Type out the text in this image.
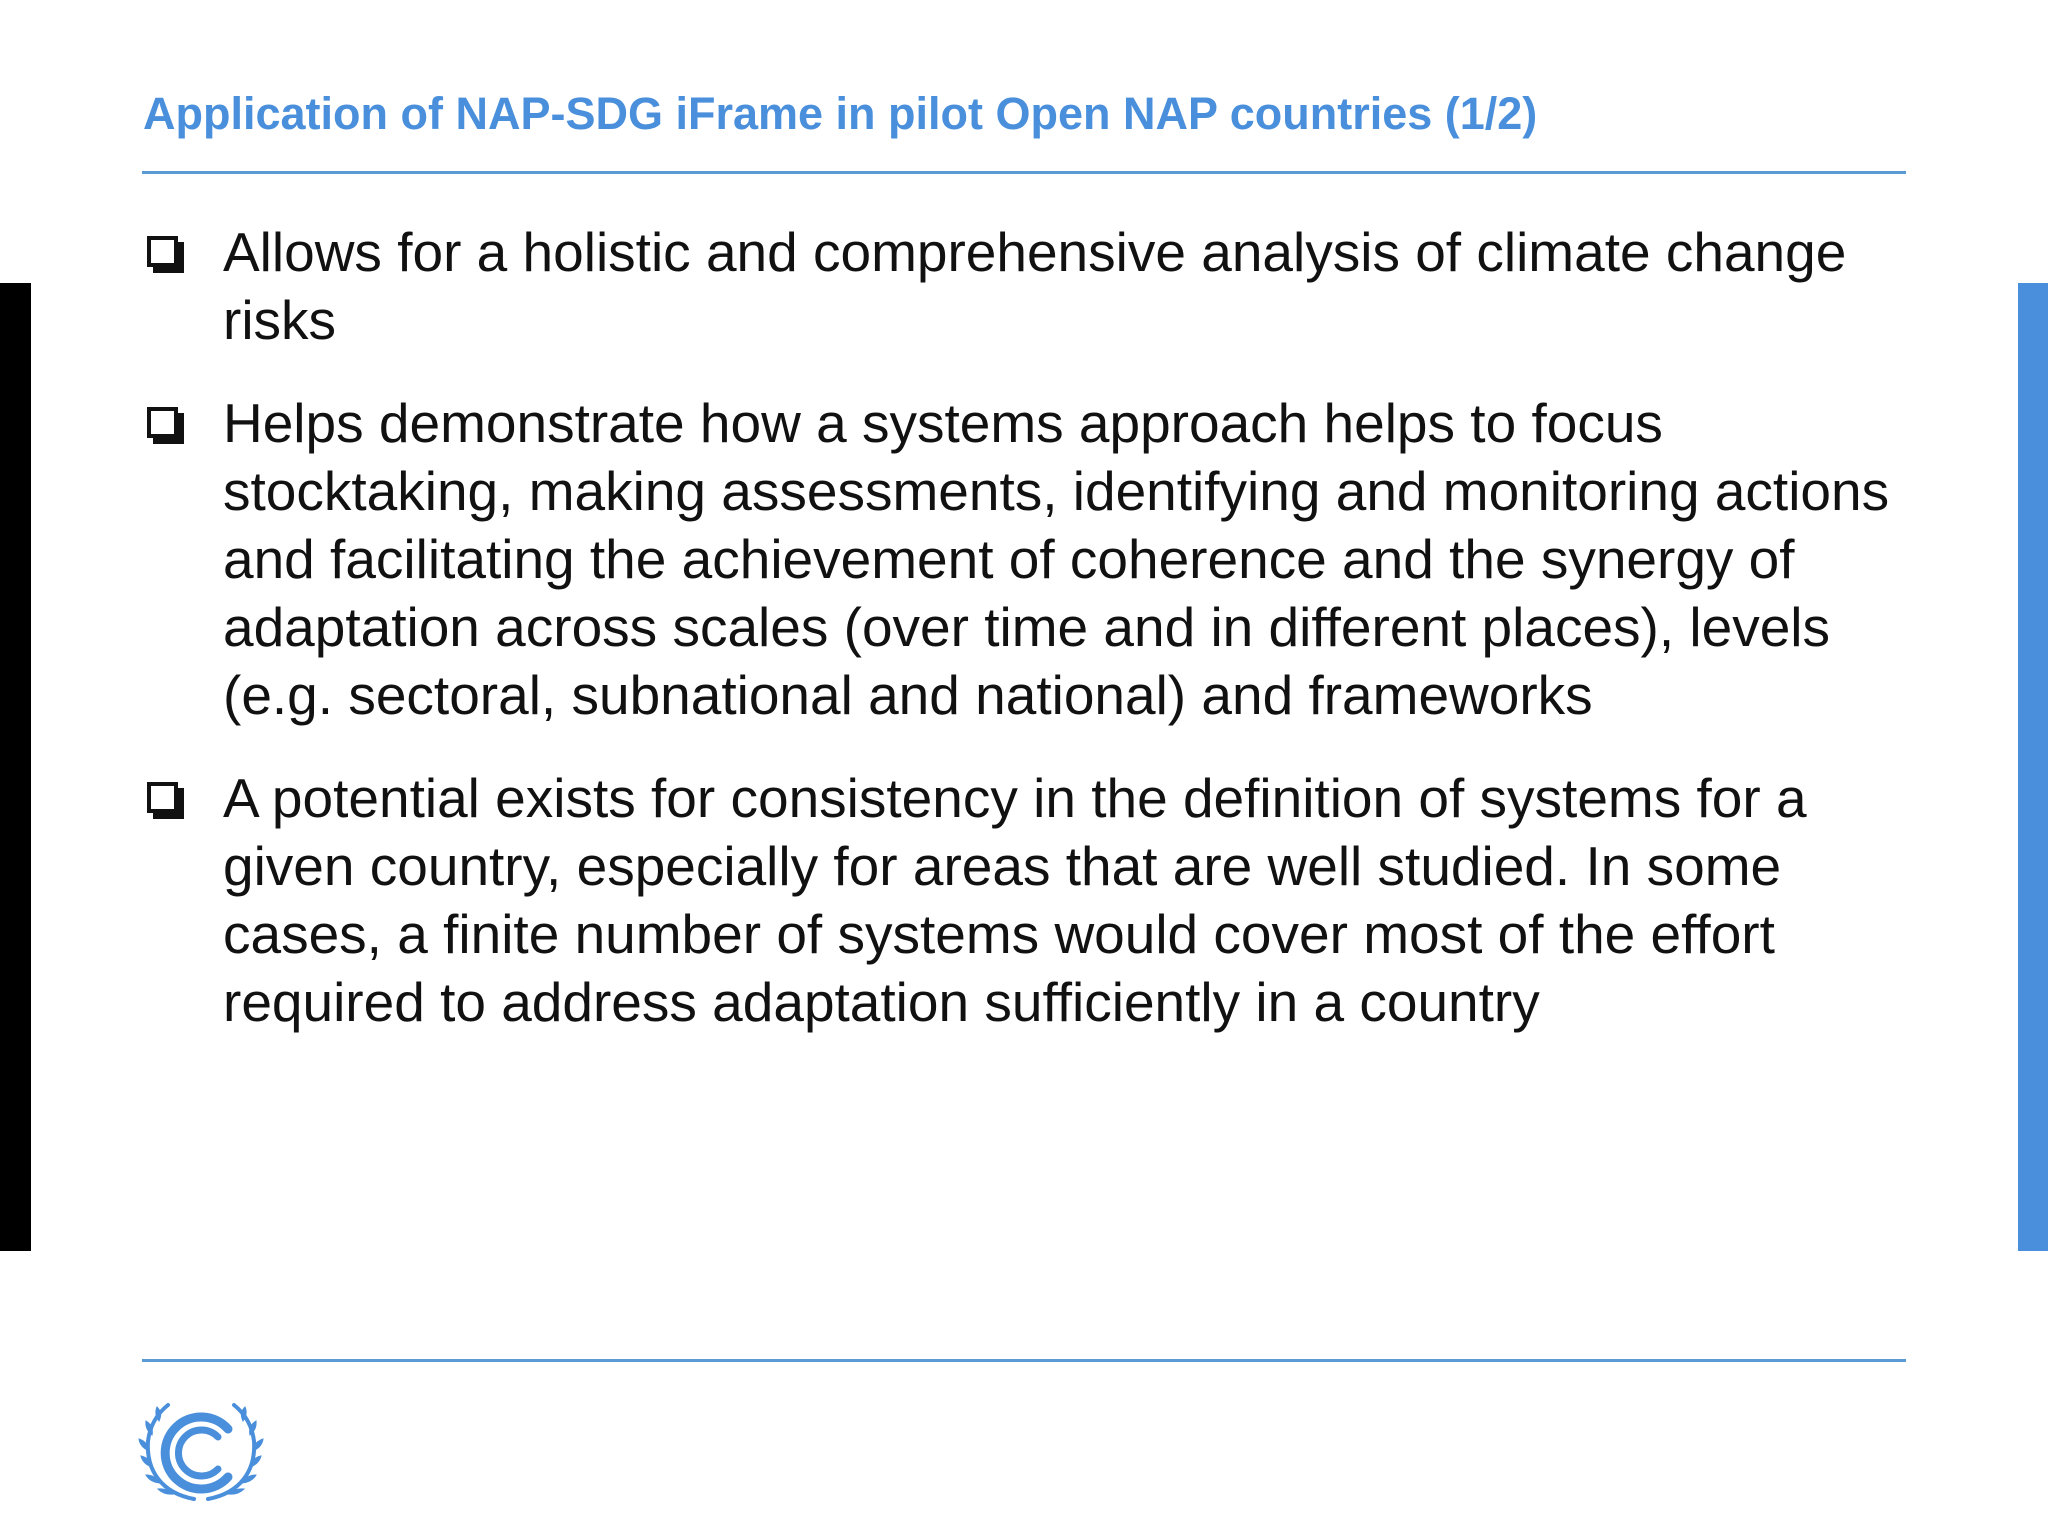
Application of NAP-SDG iFrame in pilot Open NAP countries (1/2)
Allows for a holistic and comprehensive analysis of climate change risks
Helps demonstrate how a systems approach helps to focus stocktaking, making assessments, identifying and monitoring actions and facilitating the achievement of coherence and the synergy of adaptation across scales (over time and in different places), levels (e.g. sectoral, subnational and national) and frameworks
A potential exists for consistency in the definition of systems for a given country, especially for areas that are well studied. In some cases, a finite number of systems would cover most of the effort required to address adaptation sufficiently in a country
